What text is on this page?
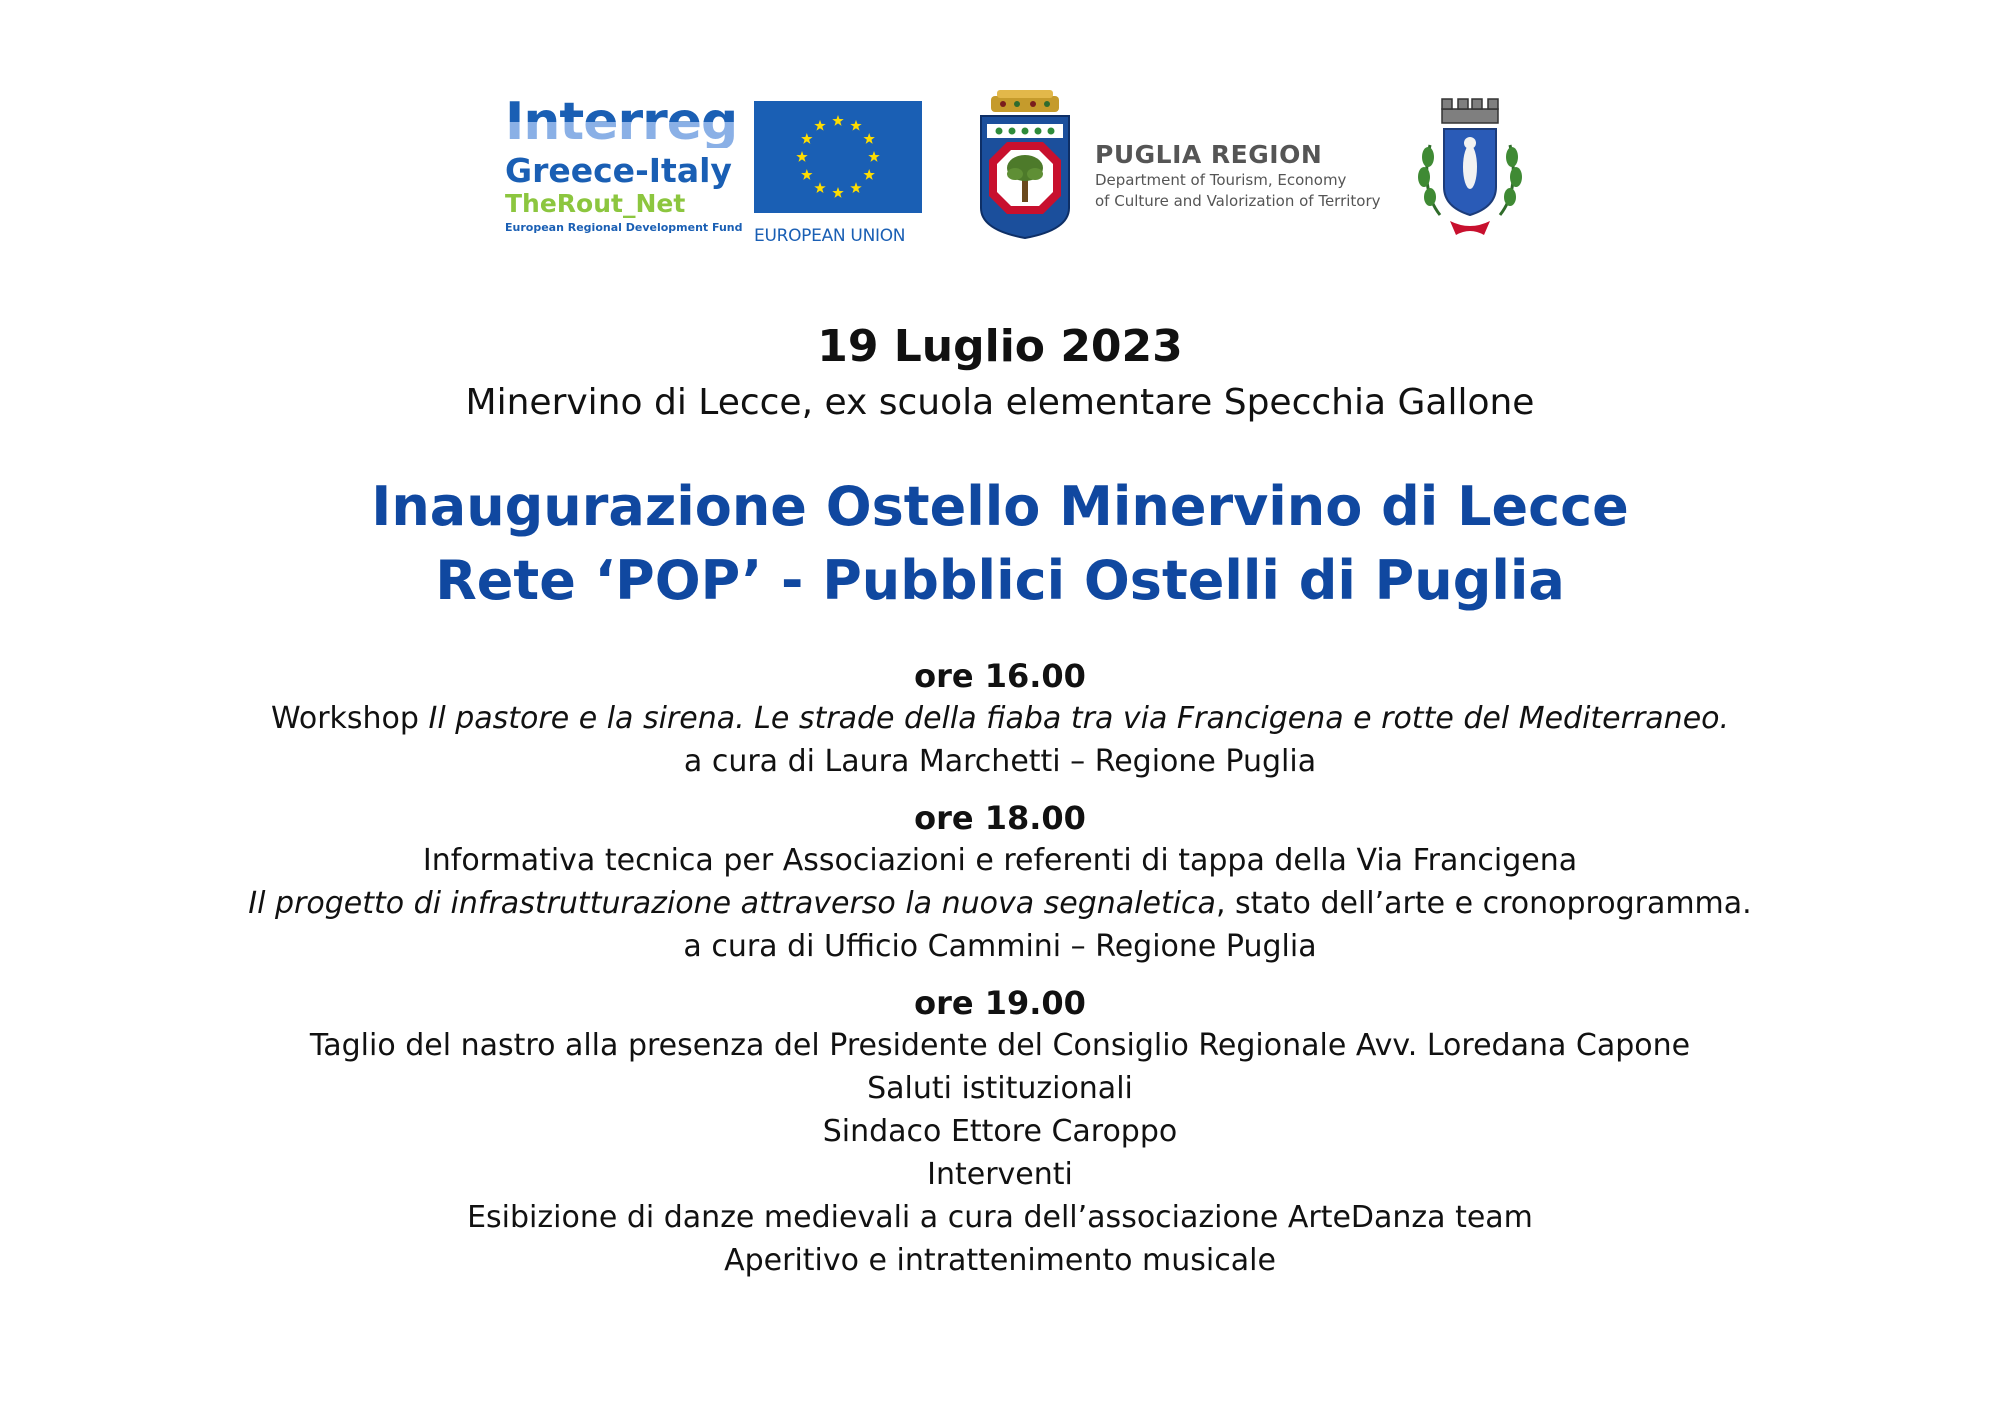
Interreg
Greece-Italy
TheRout_Net
European Regional Development Fund EUROPEAN UNION
PUGLIA REGION
Department of Tourism, Economy
of Culture and Valorization of Territory
19 Luglio 2023
Minervino di Lecce, ex scuola elementare Specchia Gallone
Inaugurazione Ostello Minervino di Lecce
Rete ‘POP’ - Pubblici Ostelli di Puglia
ore 16.00
Workshop Il pastore e la sirena. Le strade della fiaba tra via Francigena e rotte del Mediterraneo.
a cura di Laura Marchetti – Regione Puglia
ore 18.00
Informativa tecnica per Associazioni e referenti di tappa della Via Francigena
Il progetto di infrastrutturazione attraverso la nuova segnaletica, stato dell’arte e cronoprogramma.
a cura di Ufficio Cammini – Regione Puglia
ore 19.00
Taglio del nastro alla presenza del Presidente del Consiglio Regionale Avv. Loredana Capone
Saluti istituzionali
Sindaco Ettore Caroppo
Interventi
Esibizione di danze medievali a cura dell’associazione ArteDanza team
Aperitivo e intrattenimento musicale
